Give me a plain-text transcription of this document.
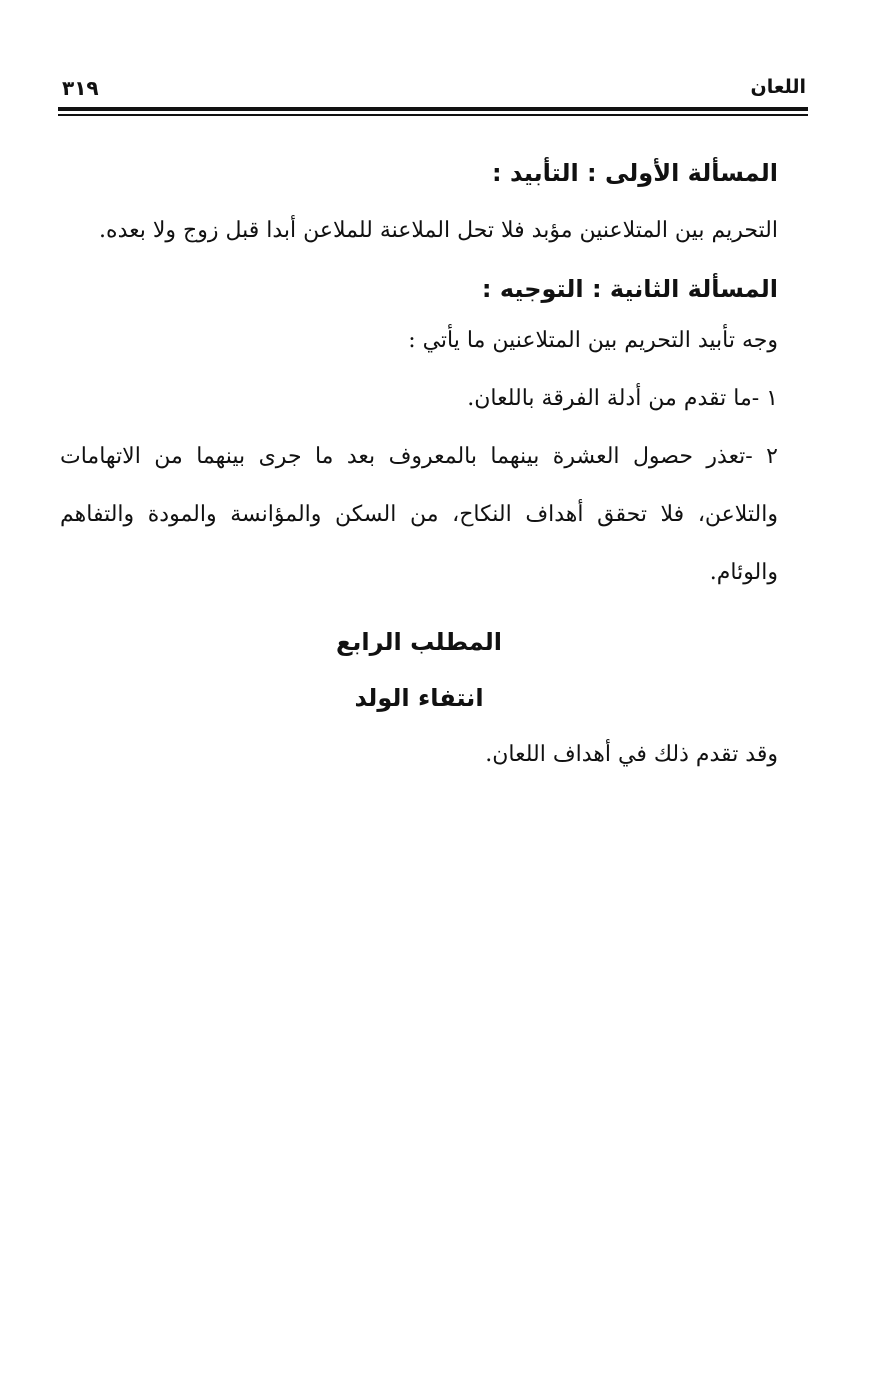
٣١٩	اللعان

المسألة الأولى : التأبيد :

التحريم بين المتلاعنين مؤبد فلا تحل الملاعنة للملاعن أبدا قبل زوج ولا بعده.

المسألة الثانية : التوجيه :

وجه تأبيد التحريم بين المتلاعنين ما يأتي :

١ -ما تقدم من أدلة الفرقة باللعان.

٢ -تعذر حصول العشرة بينهما بالمعروف بعد ما جرى بينهما من الاتهامات والتلاعن، فلا تحقق أهداف النكاح، من السكن والمؤانسة والمودة والتفاهم والوئام.

المطلب الرابع

انتفاء الولد

وقد تقدم ذلك في أهداف اللعان.
